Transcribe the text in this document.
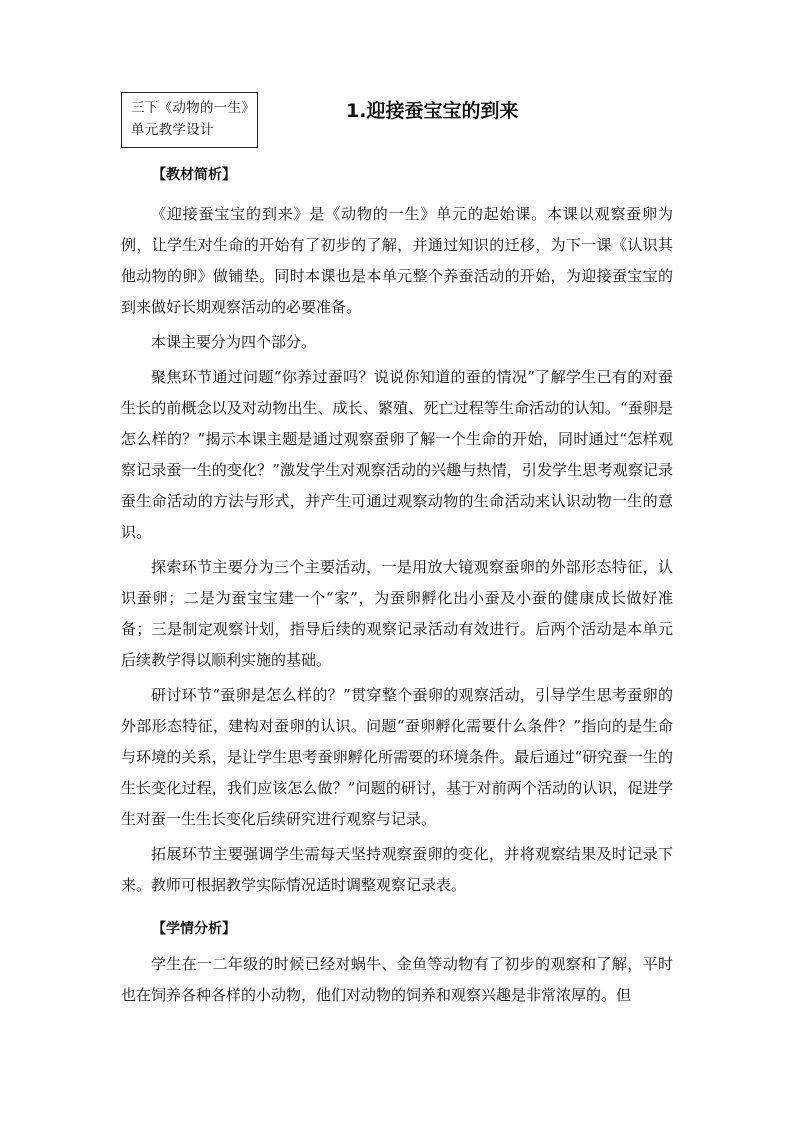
三下《动物的一生》
单元教学设计
1.迎接蚕宝宝的到来
【教材简析】

《迎接蚕宝宝的到来》是《动物的一生》单元的起始课。本课以观察蚕卵为例，让学生对生命的开始有了初步的了解，并通过知识的迁移，为下一课《认识其他动物的卵》做铺垫。同时本课也是本单元整个养蚕活动的开始，为迎接蚕宝宝的到来做好长期观察活动的必要准备。

本课主要分为四个部分。

聚焦环节通过问题“你养过蚕吗？说说你知道的蚕的情况”了解学生已有的对蚕生长的前概念以及对动物出生、成长、繁殖、死亡过程等生命活动的认知。“蚕卵是怎么样的？”揭示本课主题是通过观察蚕卵了解一个生命的开始，同时通过“怎样观察记录蚕一生的变化？”激发学生对观察活动的兴趣与热情，引发学生思考观察记录蚕生命活动的方法与形式，并产生可通过观察动物的生命活动来认识动物一生的意识。

探索环节主要分为三个主要活动，一是用放大镜观察蚕卵的外部形态特征，认识蚕卵；二是为蚕宝宝建一个“家”，为蚕卵孵化出小蚕及小蚕的健康成长做好准备；三是制定观察计划，指导后续的观察记录活动有效进行。后两个活动是本单元后续教学得以顺利实施的基础。

研讨环节“蚕卵是怎么样的？”贯穿整个蚕卵的观察活动，引导学生思考蚕卵的外部形态特征，建构对蚕卵的认识。问题“蚕卵孵化需要什么条件？”指向的是生命与环境的关系，是让学生思考蚕卵孵化所需要的环境条件。最后通过“研究蚕一生的生长变化过程，我们应该怎么做？”问题的研讨，基于对前两个活动的认识，促进学生对蚕一生生长变化后续研究进行观察与记录。

拓展环节主要强调学生需每天坚持观察蚕卵的变化，并将观察结果及时记录下来。教师可根据教学实际情况适时调整观察记录表。

【学情分析】

学生在一二年级的时候已经对蜗牛、金鱼等动物有了初步的观察和了解，平时也在饲养各种各样的小动物，他们对动物的饲养和观察兴趣是非常浓厚的。但
